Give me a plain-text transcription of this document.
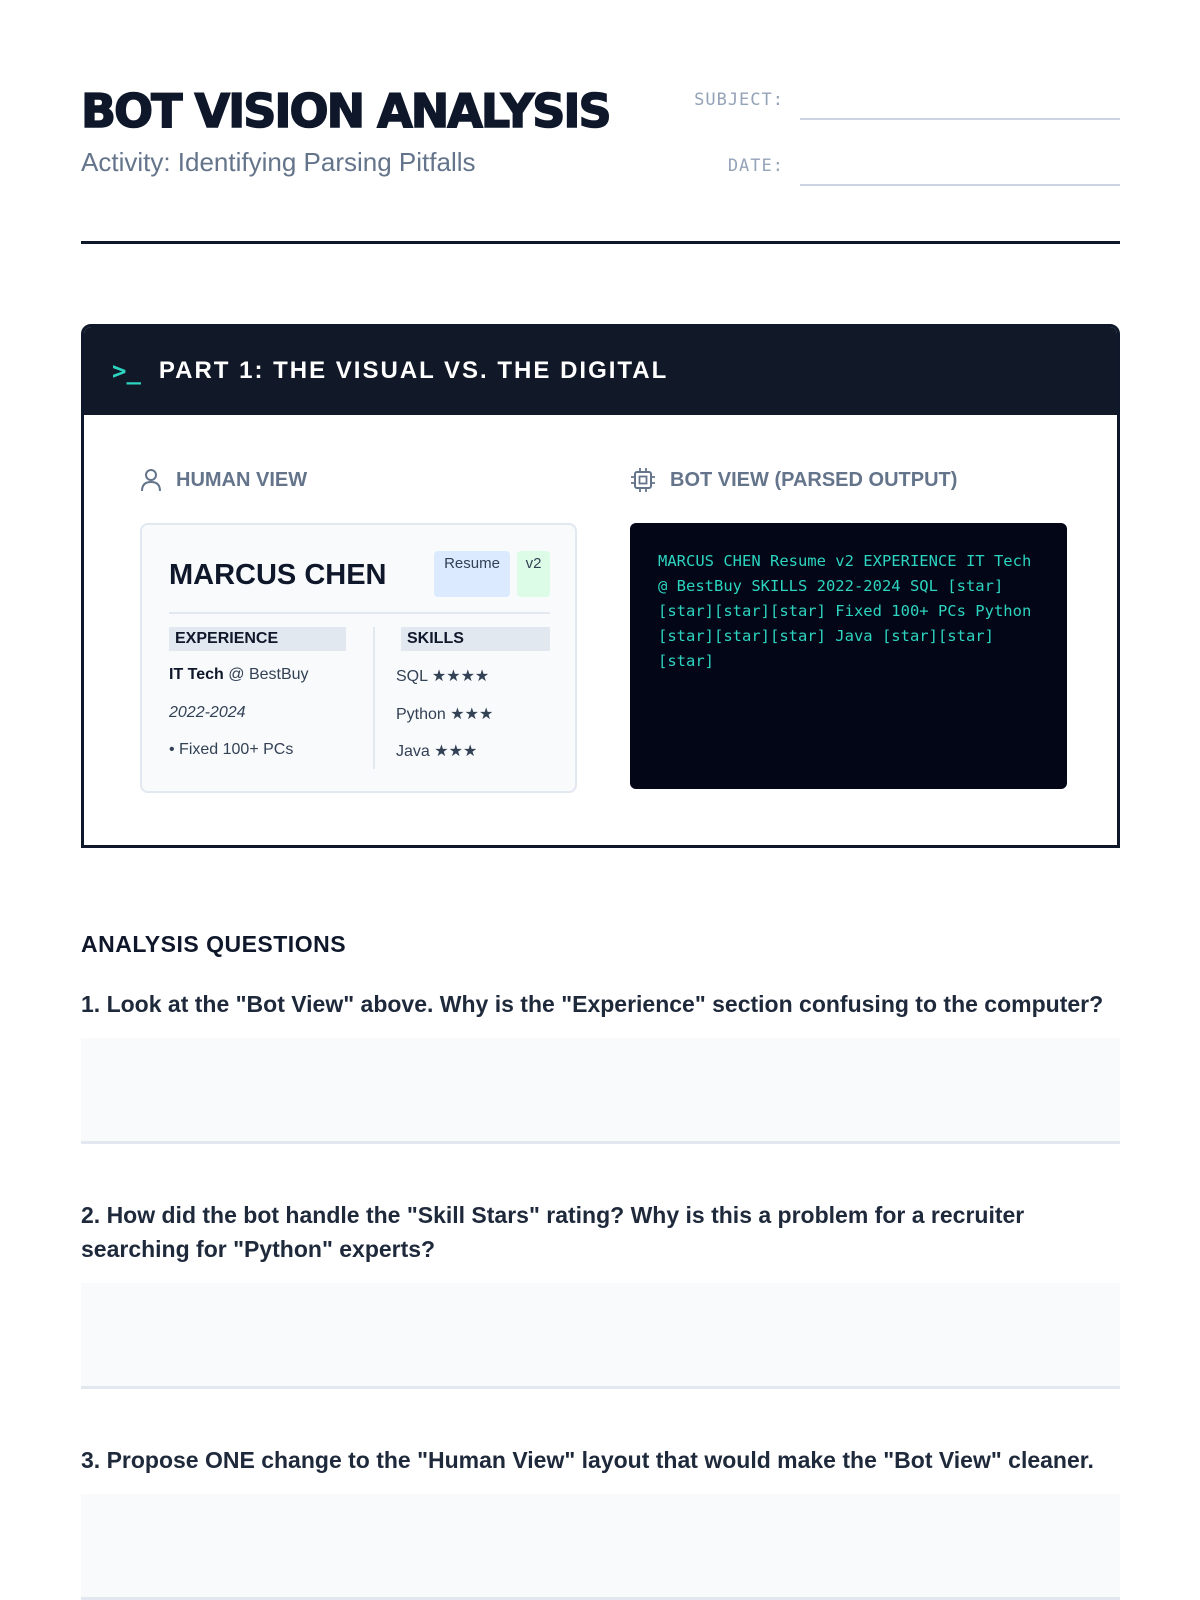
BOT VISION ANALYSIS
Activity: Identifying Parsing Pitfalls
SUBJECT:
DATE:
>_ PART 1: THE VISUAL VS. THE DIGITAL
HUMAN VIEW	BOT VIEW (PARSED OUTPUT)
MARCUS CHEN	Resume	v2
EXPERIENCE	SKILLS
IT Tech @ BestBuy
2022-2024
• Fixed 100+ PCs
SQL ★★★★
Python ★★★
Java ★★★
MARCUS CHEN Resume v2 EXPERIENCE IT Tech @ BestBuy SKILLS 2022-2024 SQL [star][star][star][star] Fixed 100+ PCs Python [star][star][star] Java [star][star][star]
ANALYSIS QUESTIONS
1. Look at the "Bot View" above. Why is the "Experience" section confusing to the computer?
2. How did the bot handle the "Skill Stars" rating? Why is this a problem for a recruiter searching for "Python" experts?
3. Propose ONE change to the "Human View" layout that would make the "Bot View" cleaner.
